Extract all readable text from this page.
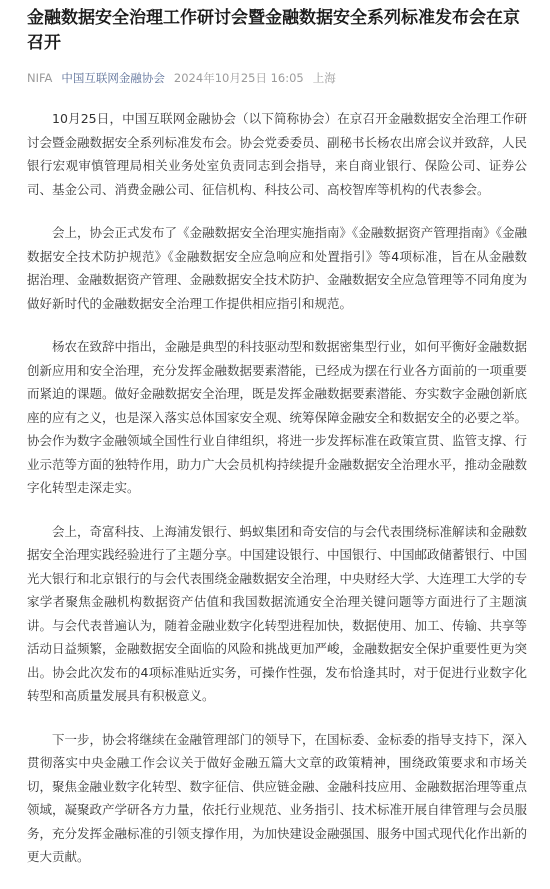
金融数据安全治理工作研讨会暨金融数据安全系列标准发布会在京召开
NIFA 中国互联网金融协会 2024年10月25日 16:05 上海

10月25日，中国互联网金融协会（以下简称协会）在京召开金融数据安全治理工作研讨会暨金融数据安全系列标准发布会。协会党委委员、副秘书长杨农出席会议并致辞，人民银行宏观审慎管理局相关业务处室负责同志到会指导，来自商业银行、保险公司、证券公司、基金公司、消费金融公司、征信机构、科技公司、高校智库等机构的代表参会。

会上，协会正式发布了《金融数据安全治理实施指南》《金融数据资产管理指南》《金融数据安全技术防护规范》《金融数据安全应急响应和处置指引》等4项标准，旨在从金融数据治理、金融数据资产管理、金融数据安全技术防护、金融数据安全应急管理等不同角度为做好新时代的金融数据安全治理工作提供相应指引和规范。

杨农在致辞中指出，金融是典型的科技驱动型和数据密集型行业，如何平衡好金融数据创新应用和安全治理，充分发挥金融数据要素潜能，已经成为摆在行业各方面前的一项重要而紧迫的课题。做好金融数据安全治理，既是发挥金融数据要素潜能、夯实数字金融创新底座的应有之义，也是深入落实总体国家安全观、统筹保障金融安全和数据安全的必要之举。协会作为数字金融领域全国性行业自律组织，将进一步发挥标准在政策宣贯、监管支撑、行业示范等方面的独特作用，助力广大会员机构持续提升金融数据安全治理水平，推动金融数字化转型走深走实。

会上，奇富科技、上海浦发银行、蚂蚁集团和奇安信的与会代表围绕标准解读和金融数据安全治理实践经验进行了主题分享。中国建设银行、中国银行、中国邮政储蓄银行、中国光大银行和北京银行的与会代表围绕金融数据安全治理，中央财经大学、大连理工大学的专家学者聚焦金融机构数据资产估值和我国数据流通安全治理关键问题等方面进行了主题演讲。与会代表普遍认为，随着金融业数字化转型进程加快，数据使用、加工、传输、共享等活动日益频繁，金融数据安全面临的风险和挑战更加严峻，金融数据安全保护重要性更为突出。协会此次发布的4项标准贴近实务，可操作性强，发布恰逢其时，对于促进行业数字化转型和高质量发展具有积极意义。

下一步，协会将继续在金融管理部门的领导下，在国标委、金标委的指导支持下，深入贯彻落实中央金融工作会议关于做好金融五篇大文章的政策精神，围绕政策要求和市场关切，聚焦金融业数字化转型、数字征信、供应链金融、金融科技应用、金融数据治理等重点领域，凝聚政产学研各方力量，依托行业规范、业务指引、技术标准开展自律管理与会员服务，充分发挥金融标准的引领支撑作用，为加快建设金融强国、服务中国式现代化作出新的更大贡献。
